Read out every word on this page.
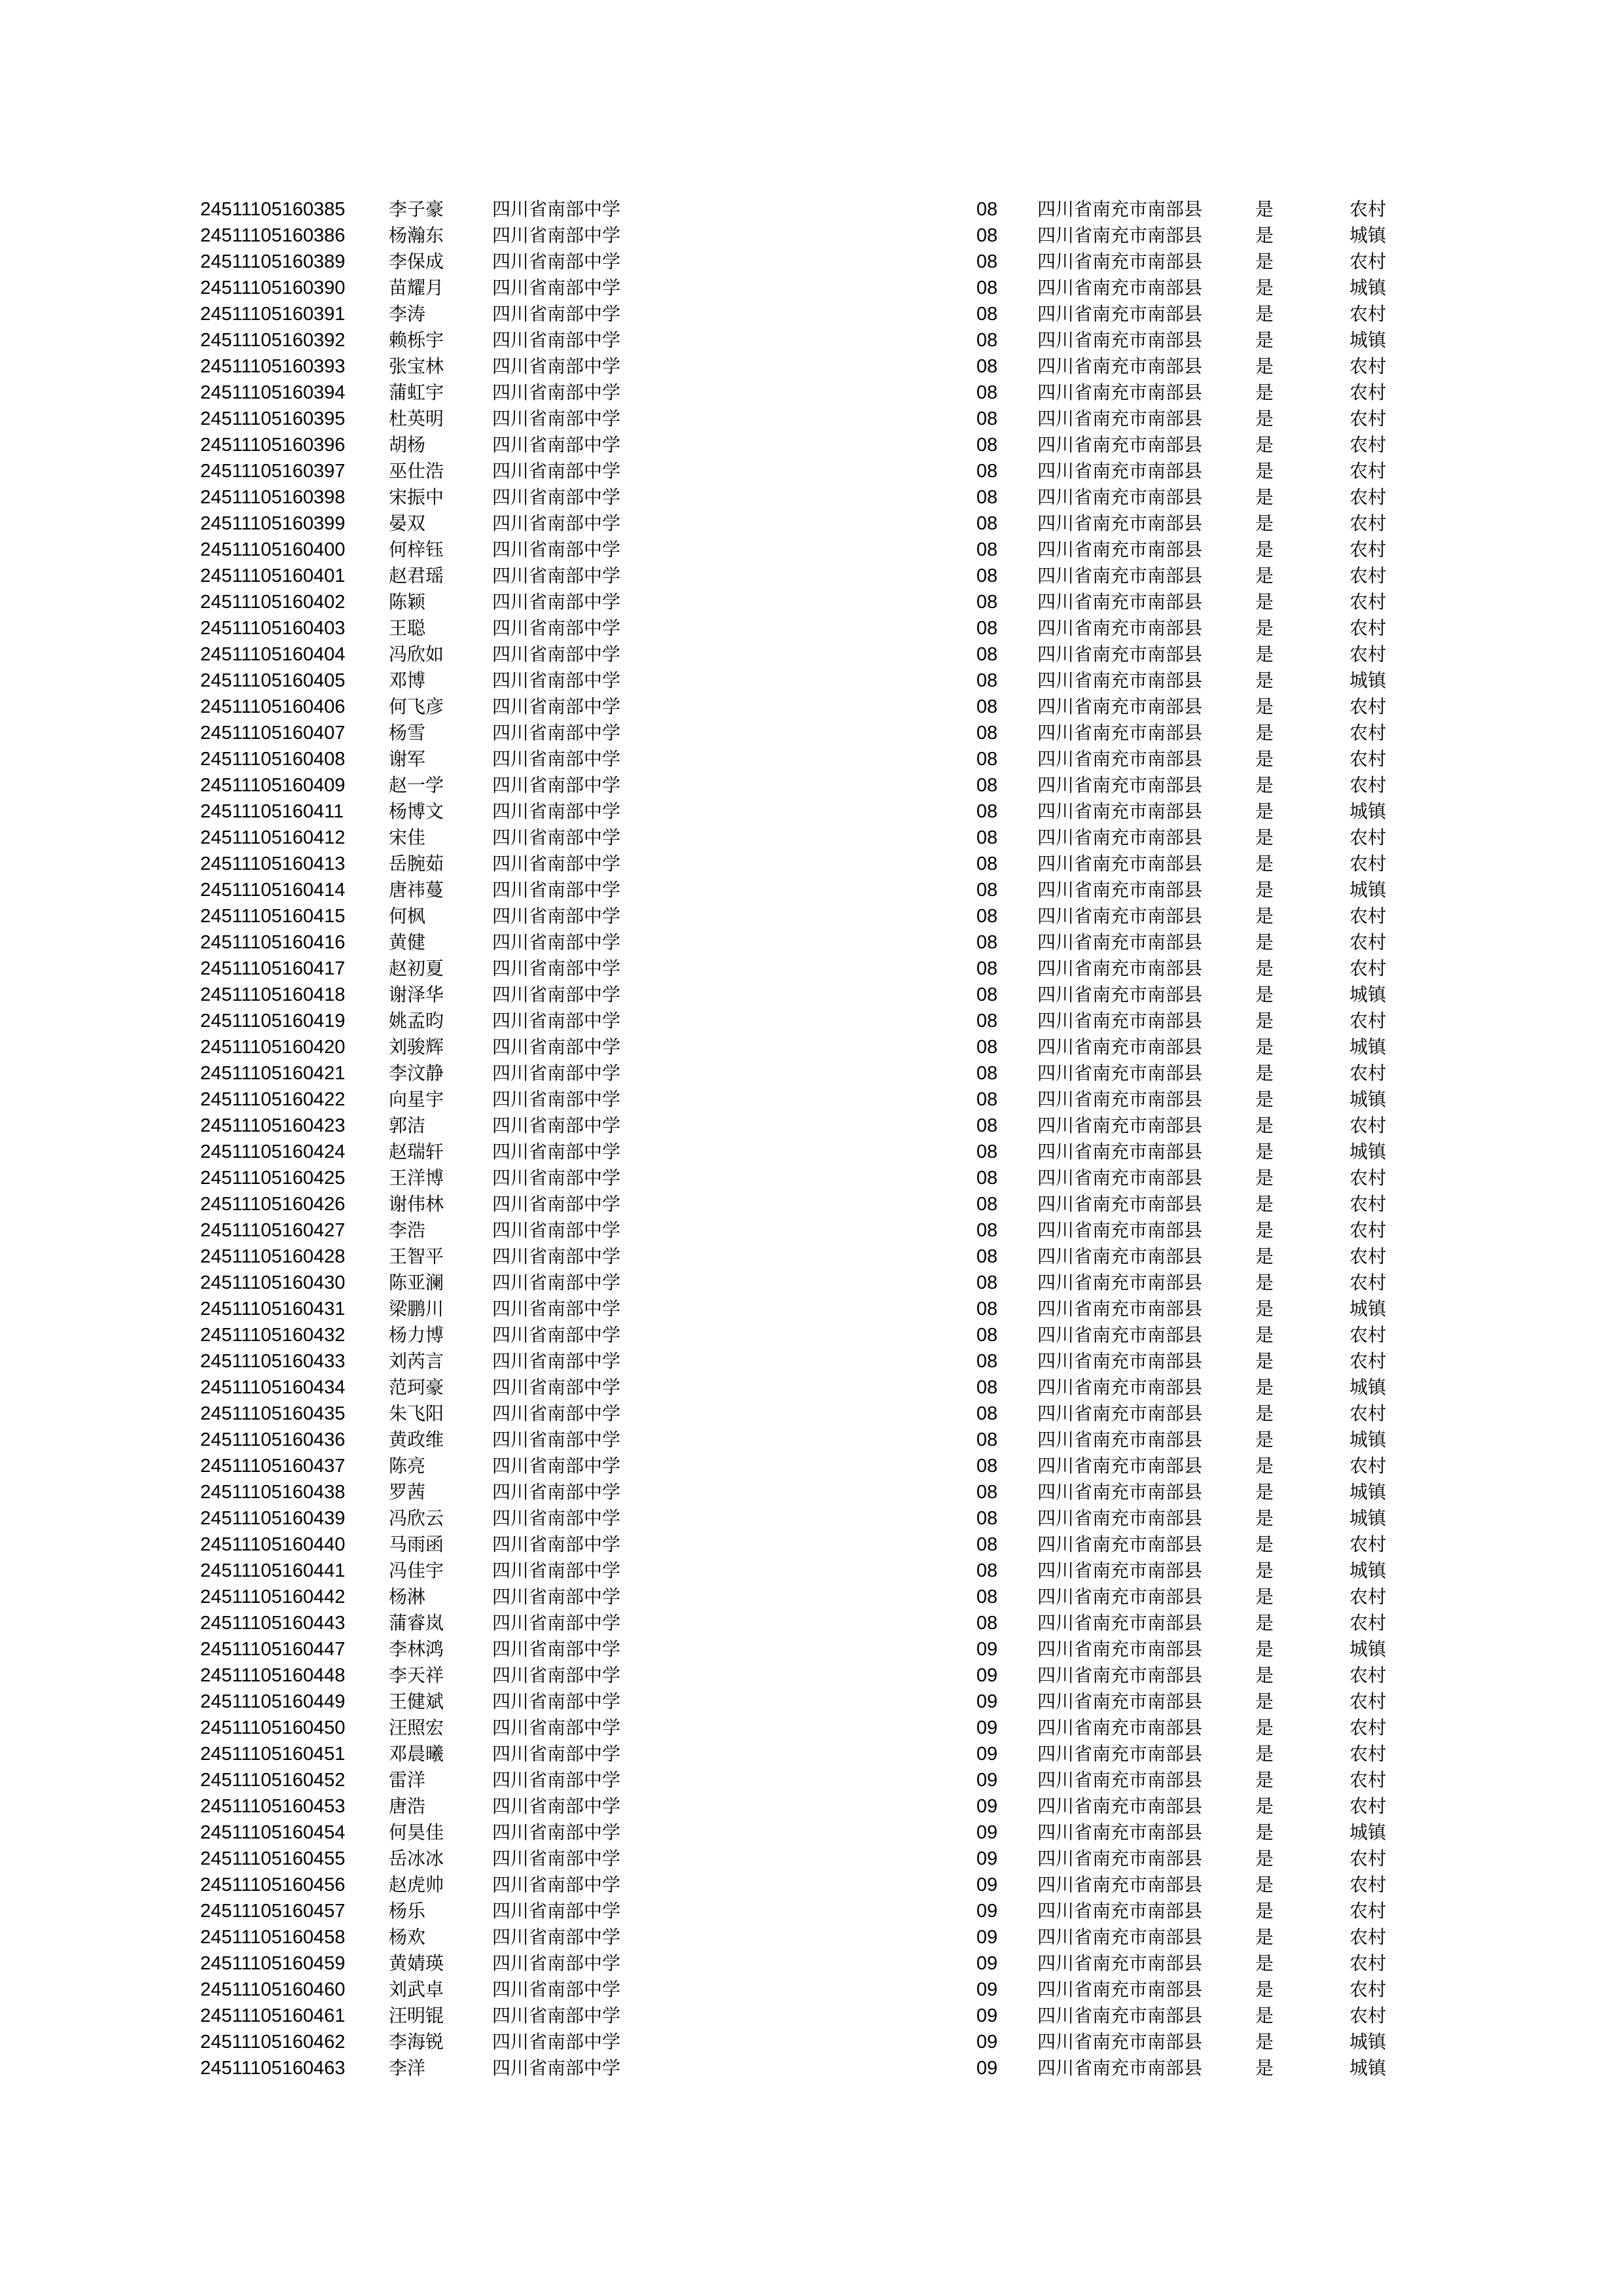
24511105160385 李子豪	四川省南部中学	08 四川省南充市南部县	是	农村
24511105160386 杨瀚东	四川省南部中学	08 四川省南充市南部县	是	城镇
24511105160389 李保成	四川省南部中学	08 四川省南充市南部县	是	农村
24511105160390 苗耀月	四川省南部中学	08 四川省南充市南部县	是	城镇
24511105160391 李涛	四川省南部中学	08 四川省南充市南部县	是	农村
24511105160392 赖栎宇	四川省南部中学	08 四川省南充市南部县	是	城镇
24511105160393 张宝林	四川省南部中学	08 四川省南充市南部县	是	农村
24511105160394 蒲虹宇	四川省南部中学	08 四川省南充市南部县	是	农村
24511105160395 杜英明	四川省南部中学	08 四川省南充市南部县	是	农村
24511105160396 胡杨	四川省南部中学	08 四川省南充市南部县	是	农村
24511105160397 巫仕浩	四川省南部中学	08 四川省南充市南部县	是	农村
24511105160398 宋振中	四川省南部中学	08 四川省南充市南部县	是	农村
24511105160399 晏双	四川省南部中学	08 四川省南充市南部县	是	农村
24511105160400 何梓钰	四川省南部中学	08 四川省南充市南部县	是	农村
24511105160401 赵君瑶	四川省南部中学	08 四川省南充市南部县	是	农村
24511105160402 陈颖	四川省南部中学	08 四川省南充市南部县	是	农村
24511105160403 王聪	四川省南部中学	08 四川省南充市南部县	是	农村
24511105160404 冯欣如	四川省南部中学	08 四川省南充市南部县	是	农村
24511105160405 邓博	四川省南部中学	08 四川省南充市南部县	是	城镇
24511105160406 何飞彦	四川省南部中学	08 四川省南充市南部县	是	农村
24511105160407 杨雪	四川省南部中学	08 四川省南充市南部县	是	农村
24511105160408 谢军	四川省南部中学	08 四川省南充市南部县	是	农村
24511105160409 赵一学	四川省南部中学	08 四川省南充市南部县	是	农村
24511105160411 杨博文	四川省南部中学	08 四川省南充市南部县	是	城镇
24511105160412 宋佳	四川省南部中学	08 四川省南充市南部县	是	农村
24511105160413 岳腕茹	四川省南部中学	08 四川省南充市南部县	是	农村
24511105160414 唐祎蔓	四川省南部中学	08 四川省南充市南部县	是	城镇
24511105160415 何枫	四川省南部中学	08 四川省南充市南部县	是	农村
24511105160416 黄健	四川省南部中学	08 四川省南充市南部县	是	农村
24511105160417 赵初夏	四川省南部中学	08 四川省南充市南部县	是	农村
24511105160418 谢泽华	四川省南部中学	08 四川省南充市南部县	是	城镇
24511105160419 姚孟昀	四川省南部中学	08 四川省南充市南部县	是	农村
24511105160420 刘骏辉	四川省南部中学	08 四川省南充市南部县	是	城镇
24511105160421 李汶静	四川省南部中学	08 四川省南充市南部县	是	农村
24511105160422 向星宇	四川省南部中学	08 四川省南充市南部县	是	城镇
24511105160423 郭洁	四川省南部中学	08 四川省南充市南部县	是	农村
24511105160424 赵瑞轩	四川省南部中学	08 四川省南充市南部县	是	城镇
24511105160425 王洋博	四川省南部中学	08 四川省南充市南部县	是	农村
24511105160426 谢伟林	四川省南部中学	08 四川省南充市南部县	是	农村
24511105160427 李浩	四川省南部中学	08 四川省南充市南部县	是	农村
24511105160428 王智平	四川省南部中学	08 四川省南充市南部县	是	农村
24511105160430 陈亚澜	四川省南部中学	08 四川省南充市南部县	是	农村
24511105160431 梁鹏川	四川省南部中学	08 四川省南充市南部县	是	城镇
24511105160432 杨力博	四川省南部中学	08 四川省南充市南部县	是	农村
24511105160433 刘芮言	四川省南部中学	08 四川省南充市南部县	是	农村
24511105160434 范珂豪	四川省南部中学	08 四川省南充市南部县	是	城镇
24511105160435 朱飞阳	四川省南部中学	08 四川省南充市南部县	是	农村
24511105160436 黄政维	四川省南部中学	08 四川省南充市南部县	是	城镇
24511105160437 陈亮	四川省南部中学	08 四川省南充市南部县	是	农村
24511105160438 罗茜	四川省南部中学	08 四川省南充市南部县	是	城镇
24511105160439 冯欣云	四川省南部中学	08 四川省南充市南部县	是	城镇
24511105160440 马雨函	四川省南部中学	08 四川省南充市南部县	是	农村
24511105160441 冯佳宇	四川省南部中学	08 四川省南充市南部县	是	城镇
24511105160442 杨淋	四川省南部中学	08 四川省南充市南部县	是	农村
24511105160443 蒲睿岚	四川省南部中学	08 四川省南充市南部县	是	农村
24511105160447 李林鸿	四川省南部中学	09 四川省南充市南部县	是	城镇
24511105160448 李天祥	四川省南部中学	09 四川省南充市南部县	是	农村
24511105160449 王健斌	四川省南部中学	09 四川省南充市南部县	是	农村
24511105160450 汪照宏	四川省南部中学	09 四川省南充市南部县	是	农村
24511105160451 邓晨曦	四川省南部中学	09 四川省南充市南部县	是	农村
24511105160452 雷洋	四川省南部中学	09 四川省南充市南部县	是	农村
24511105160453 唐浩	四川省南部中学	09 四川省南充市南部县	是	农村
24511105160454 何昊佳	四川省南部中学	09 四川省南充市南部县	是	城镇
24511105160455 岳冰冰	四川省南部中学	09 四川省南充市南部县	是	农村
24511105160456 赵虎帅	四川省南部中学	09 四川省南充市南部县	是	农村
24511105160457 杨乐	四川省南部中学	09 四川省南充市南部县	是	农村
24511105160458 杨欢	四川省南部中学	09 四川省南充市南部县	是	农村
24511105160459 黄婧瑛	四川省南部中学	09 四川省南充市南部县	是	农村
24511105160460 刘武卓	四川省南部中学	09 四川省南充市南部县	是	农村
24511105160461 汪明锟	四川省南部中学	09 四川省南充市南部县	是	农村
24511105160462 李海锐	四川省南部中学	09 四川省南充市南部县	是	城镇
24511105160463 李洋	四川省南部中学	09 四川省南充市南部县	是	城镇
